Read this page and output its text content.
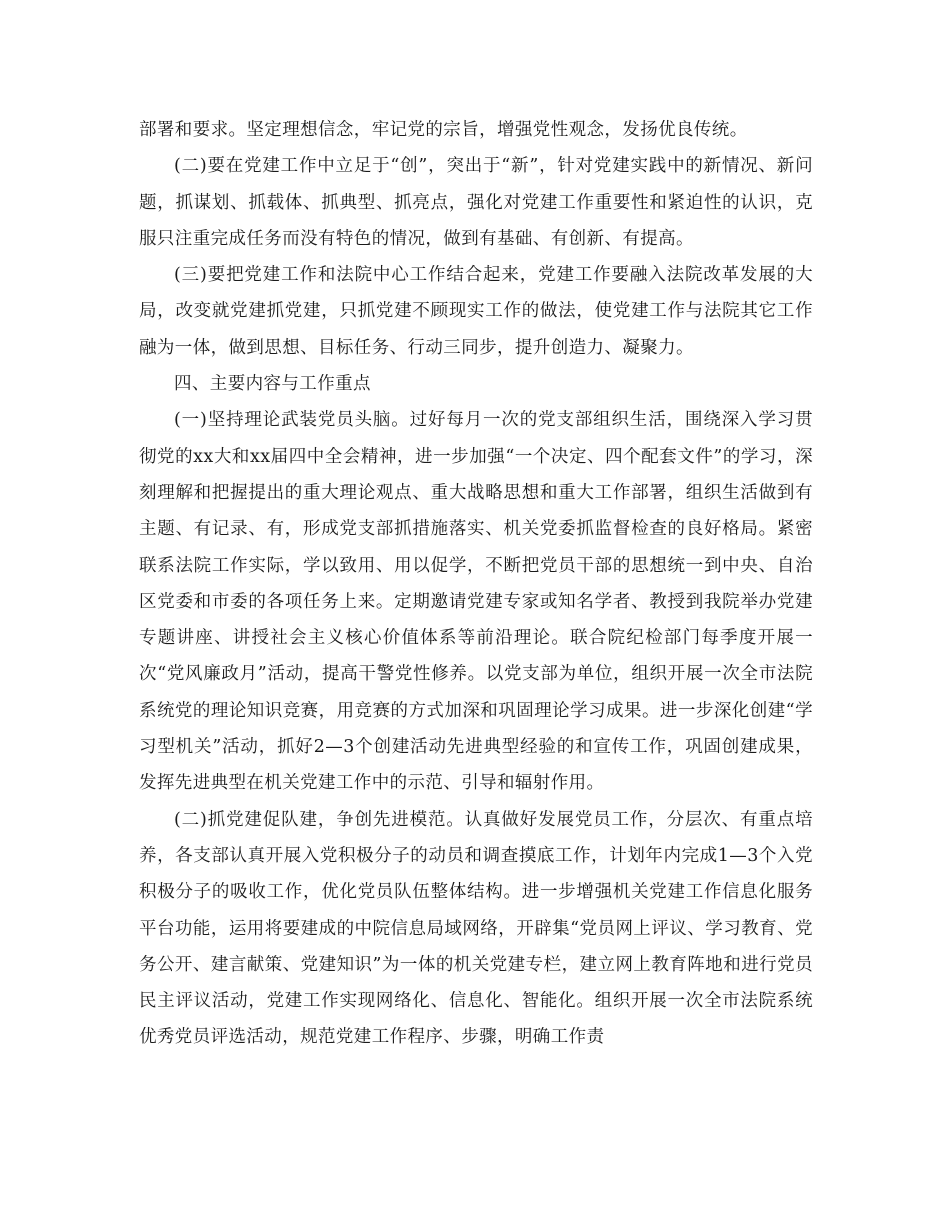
部署和要求。坚定理想信念，牢记党的宗旨，增强党性观念，发扬优良传统。

(二)要在党建工作中立足于“创”，突出于“新”，针对党建实践中的新情况、新问题，抓谋划、抓载体、抓典型、抓亮点，强化对党建工作重要性和紧迫性的认识，克服只注重完成任务而没有特色的情况，做到有基础、有创新、有提高。

(三)要把党建工作和法院中心工作结合起来，党建工作要融入法院改革发展的大局，改变就党建抓党建，只抓党建不顾现实工作的做法，使党建工作与法院其它工作融为一体，做到思想、目标任务、行动三同步，提升创造力、凝聚力。

四、主要内容与工作重点

(一)坚持理论武装党员头脑。过好每月一次的党支部组织生活，围绕深入学习贯彻党的xx大和xx届四中全会精神，进一步加强“一个决定、四个配套文件”的学习，深刻理解和把握提出的重大理论观点、重大战略思想和重大工作部署，组织生活做到有主题、有记录、有，形成党支部抓措施落实、机关党委抓监督检查的良好格局。紧密联系法院工作实际，学以致用、用以促学，不断把党员干部的思想统一到中央、自治区党委和市委的各项任务上来。定期邀请党建专家或知名学者、教授到我院举办党建专题讲座、讲授社会主义核心价值体系等前沿理论。联合院纪检部门每季度开展一次“党风廉政月”活动，提高干警党性修养。以党支部为单位，组织开展一次全市法院系统党的理论知识竞赛，用竞赛的方式加深和巩固理论学习成果。进一步深化创建“学习型机关”活动，抓好2—3个创建活动先进典型经验的和宣传工作，巩固创建成果，发挥先进典型在机关党建工作中的示范、引导和辐射作用。

(二)抓党建促队建，争创先进模范。认真做好发展党员工作，分层次、有重点培养，各支部认真开展入党积极分子的动员和调查摸底工作，计划年内完成1—3个入党积极分子的吸收工作，优化党员队伍整体结构。进一步增强机关党建工作信息化服务平台功能，运用将要建成的中院信息局域网络，开辟集“党员网上评议、学习教育、党务公开、建言献策、党建知识”为一体的机关党建专栏，建立网上教育阵地和进行党员民主评议活动，党建工作实现网络化、信息化、智能化。组织开展一次全市法院系统优秀党员评选活动，规范党建工作程序、步骤，明确工作责
